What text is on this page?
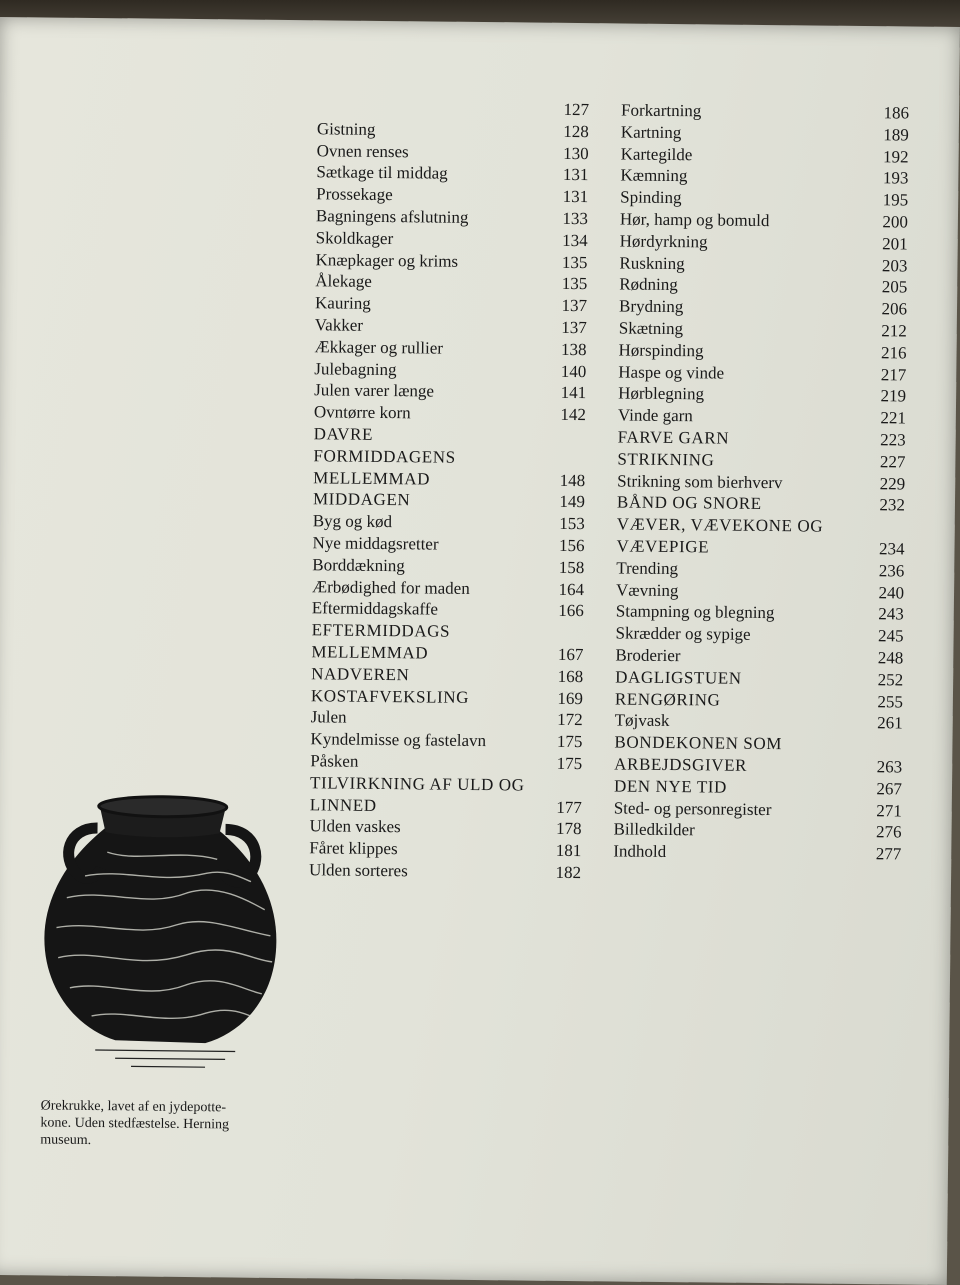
127
Gistning	128
Ovnen renses	130
Sætkage til middag	131
Prossekage	131
Bagningens afslutning	133
Skoldkager	134
Knæpkager og krims	135
Ålekage	135
Kauring	137
Vakker	137
Ækkager og rullier	138
Julebagning	140
Julen varer længe	141
Ovntørre korn	142
DAVRE
FORMIDDAGENS
MELLEMMAD	148
MIDDAGEN	149
Byg og kød	153
Nye middagsretter	156
Borddækning	158
Ærbødighed for maden	164
Eftermiddagskaffe	166
EFTERMIDDAGS
MELLEMMAD	167
NADVEREN	168
KOSTAFVEKSLING	169
Julen	172
Kyndelmisse og fastelavn	175
Påsken	175
TILVIRKNING AF ULD OG
LINNED	177
Ulden vaskes	178
Fåret klippes	181
Ulden sorteres	182
Forkartning	186
Kartning	189
Kartegilde	192
Kæmning	193
Spinding	195
Hør, hamp og bomuld	200
Hørdyrkning	201
Ruskning	203
Rødning	205
Brydning	206
Skætning	212
Hørspinding	216
Haspe og vinde	217
Hørblegning	219
Vinde garn	221
FARVE GARN	223
STRIKNING	227
Strikning som bierhverv	229
BÅND OG SNORE	232
VÆVER, VÆVEKONE OG
VÆVEPIGE	234
Trending	236
Vævning	240
Stampning og blegning	243
Skrædder og sypige	245
Broderier	248
DAGLIGSTUEN	252
RENGØRING	255
Tøjvask	261
BONDEKONEN SOM
ARBEJDSGIVER	263
DEN NYE TID	267
Sted- og personregister	271
Billedkilder	276
Indhold	277
Ørekrukke, lavet af en jydepotte-
kone. Uden stedfæstelse. Herning
museum.
